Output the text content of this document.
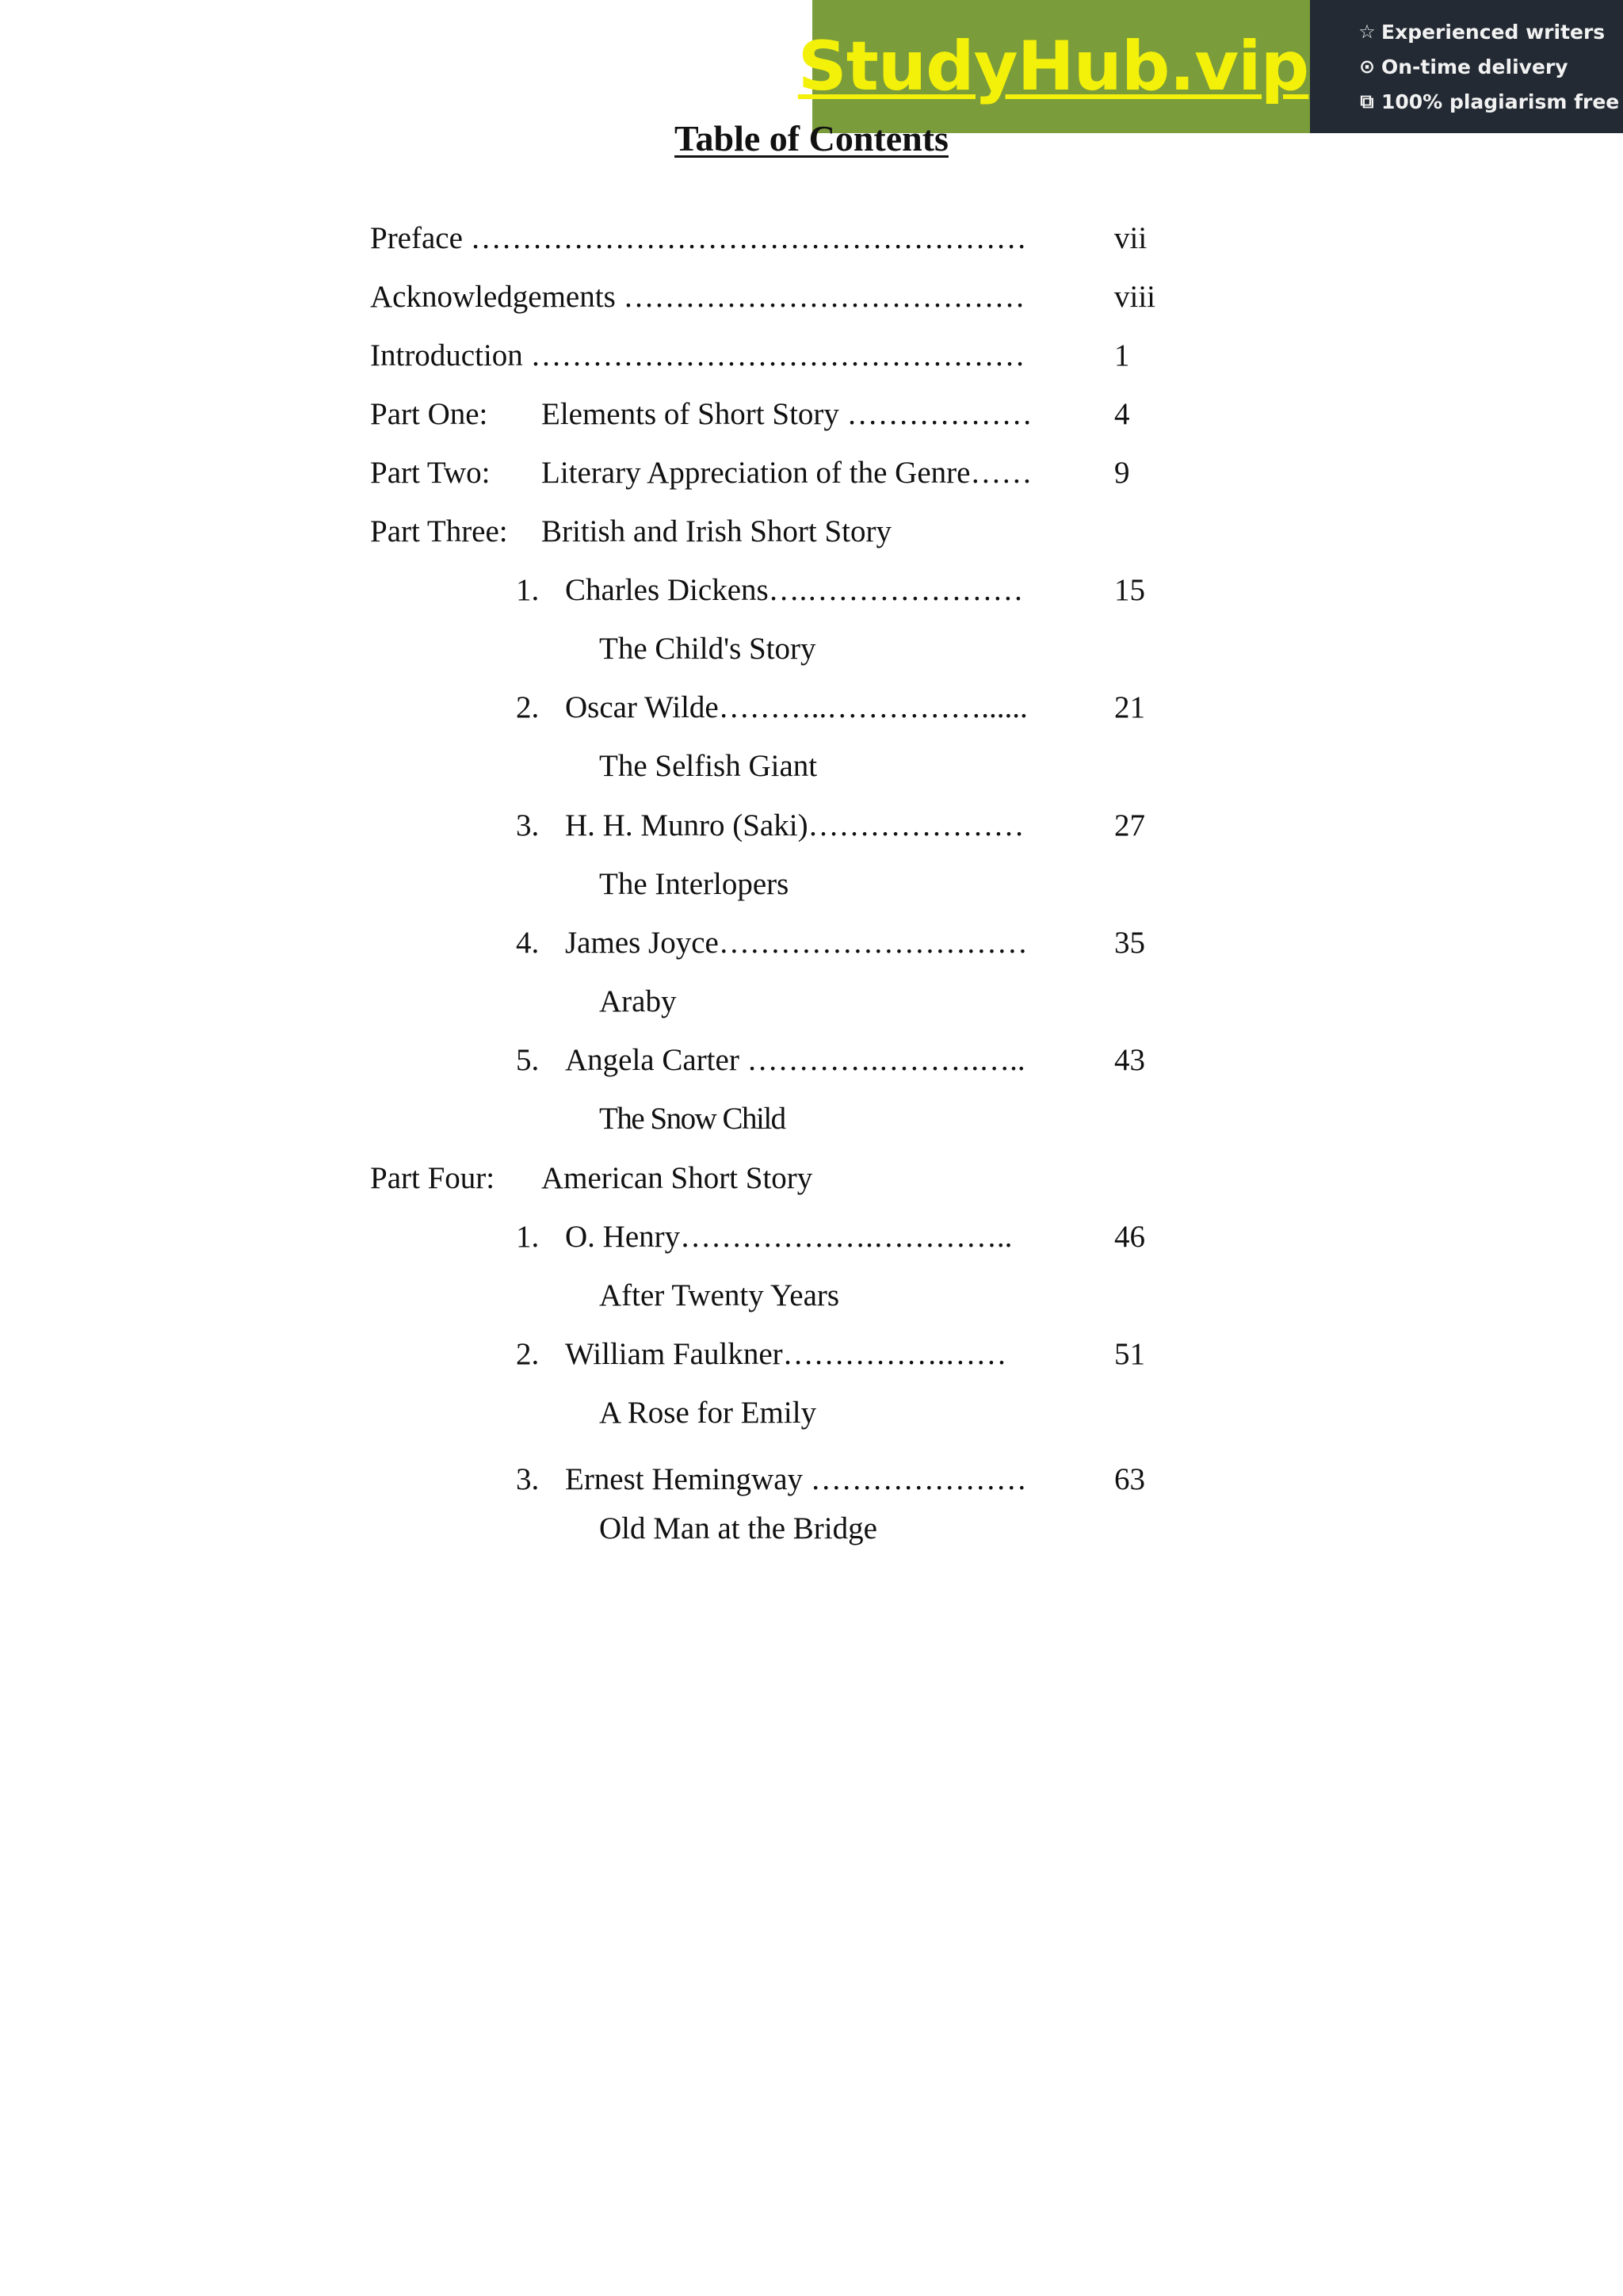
StudyHub.vip	☆ Experienced writers
⊙ On-time delivery
⧉ 100% plagiarism free
Table of Contents
Preface ………………………………………………	vii
Acknowledgements …………………………………	viii
Introduction …………………………………………	1
Part One: Elements of Short Story ………………	4
Part Two: Literary Appreciation of the Genre……	9
Part Three: British and Irish Short Story
1. Charles Dickens….…………………	15
The Child's Story
2. Oscar Wilde………..……………......	21
The Selfish Giant
3. H. H. Munro (Saki)…………………	27
The Interlopers
4. James Joyce…………………………	35
Araby
5. Angela Carter ………….……….…..	43
The Snow Child
Part Four: American Short Story
1. O. Henry……………….…………..	46
After Twenty Years
2. William Faulkner…………….……	51
A Rose for Emily
3. Ernest Hemingway …………………	63
Old Man at the Bridge
